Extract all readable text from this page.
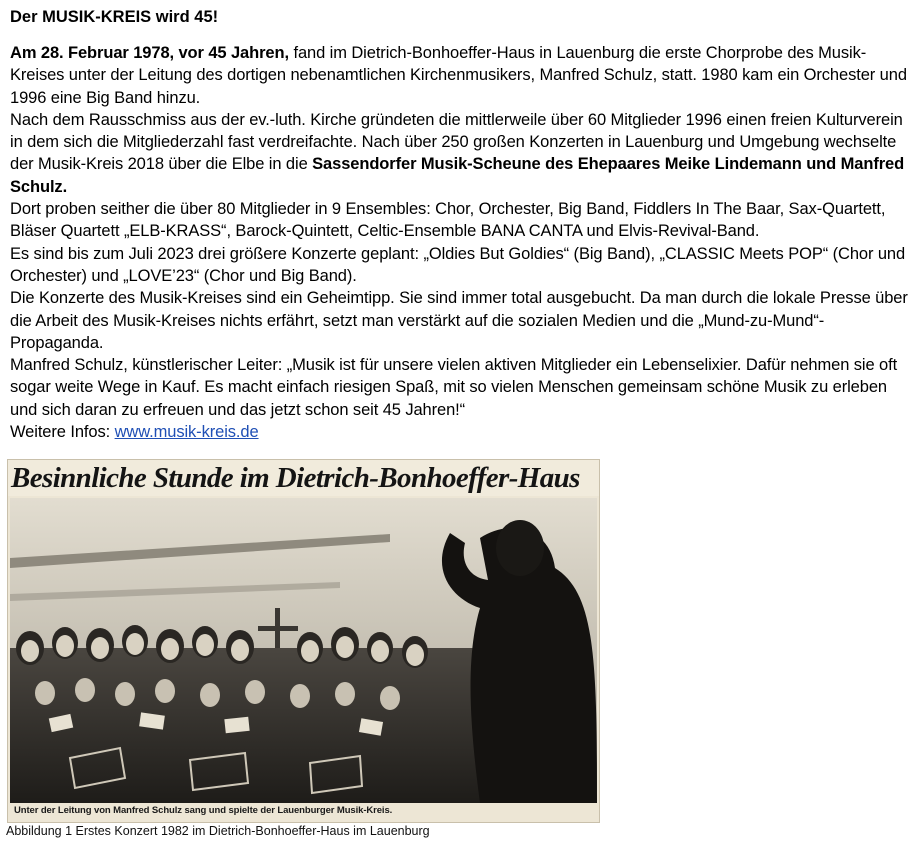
Der MUSIK-KREIS wird 45!

Am 28. Februar 1978, vor 45 Jahren, fand im Dietrich-Bonhoeffer-Haus in Lauenburg die erste Chorprobe des Musik-Kreises unter der Leitung des dortigen nebenamtlichen Kirchenmusikers, Manfred Schulz, statt. 1980 kam ein Orchester und 1996 eine Big Band hinzu.

Nach dem Rausschmiss aus der ev.-luth. Kirche gründeten die mittlerweile über 60 Mitglieder 1996 einen freien Kulturverein in dem sich die Mitgliederzahl fast verdreifachte. Nach über 250 großen Konzerten in Lauenburg und Umgebung wechselte der Musik-Kreis 2018 über die Elbe in die Sassendorfer Musik-Scheune des Ehepaares Meike Lindemann und Manfred Schulz.

Dort proben seither die über 80 Mitglieder in 9 Ensembles: Chor, Orchester, Big Band, Fiddlers In The Baar, Sax-Quartett, Bläser Quartett „ELB-KRASS“, Barock-Quintett, Celtic-Ensemble BANA CANTA und Elvis-Revival-Band.

Es sind bis zum Juli 2023 drei größere Konzerte geplant: „Oldies But Goldies“ (Big Band), „CLASSIC Meets POP“ (Chor und Orchester) und „LOVE’23“ (Chor und Big Band).

Die Konzerte des Musik-Kreises sind ein Geheimtipp. Sie sind immer total ausgebucht. Da man durch die lokale Presse über die Arbeit des Musik-Kreises nichts erfährt, setzt man verstärkt auf die sozialen Medien und die „Mund-zu-Mund“-Propaganda.

Manfred Schulz, künstlerischer Leiter: „Musik ist für unsere vielen aktiven Mitglieder ein Lebenselixier. Dafür nehmen sie oft sogar weite Wege in Kauf. Es macht einfach riesigen Spaß, mit so vielen Menschen gemeinsam schöne Musik zu erleben und sich daran zu erfreuen und das jetzt schon seit 45 Jahren!“

Weitere Infos: www.musik-kreis.de

Besinnliche Stunde im Dietrich-Bonhoeffer-Haus
Unter der Leitung von Manfred Schulz sang und spielte der Lauenburger Musik-Kreis.
Abbildung 1 Erstes Konzert 1982 im Dietrich-Bonhoeffer-Haus im Lauenburg
